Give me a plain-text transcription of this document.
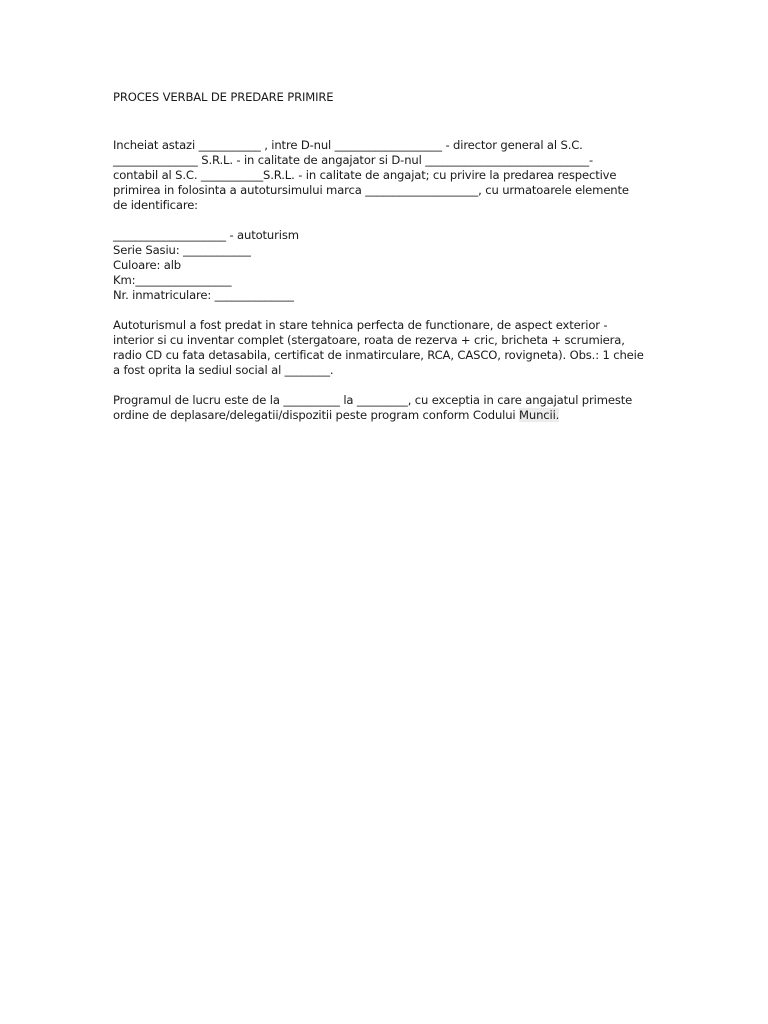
PROCES VERBAL DE PREDARE PRIMIRE
Incheiat astazi ___________ , intre D-nul ___________________ - director general al S.C.
_______________ S.R.L. - in calitate de angajator si D-nul _____________________________-
contabil al S.C. ___________S.R.L. - in calitate de angajat; cu privire la predarea respective
primirea in folosinta a autotursimului marca ____________________, cu urmatoarele elemente
de identificare:
____________________ - autoturism
Serie Sasiu: ____________
Culoare: alb
Km:_________________
Nr. inmatriculare: ______________
Autoturismul a fost predat in stare tehnica perfecta de functionare, de aspect exterior -
interior si cu inventar complet (stergatoare, roata de rezerva + cric, bricheta + scrumiera,
radio CD cu fata detasabila, certificat de inmatirculare, RCA, CASCO, rovigneta). Obs.: 1 cheie
a fost oprita la sediul social al ________.
Programul de lucru este de la __________ la _________, cu exceptia in care angajatul primeste
ordine de deplasare/delegatii/dispozitii peste program conform Codului Muncii.
